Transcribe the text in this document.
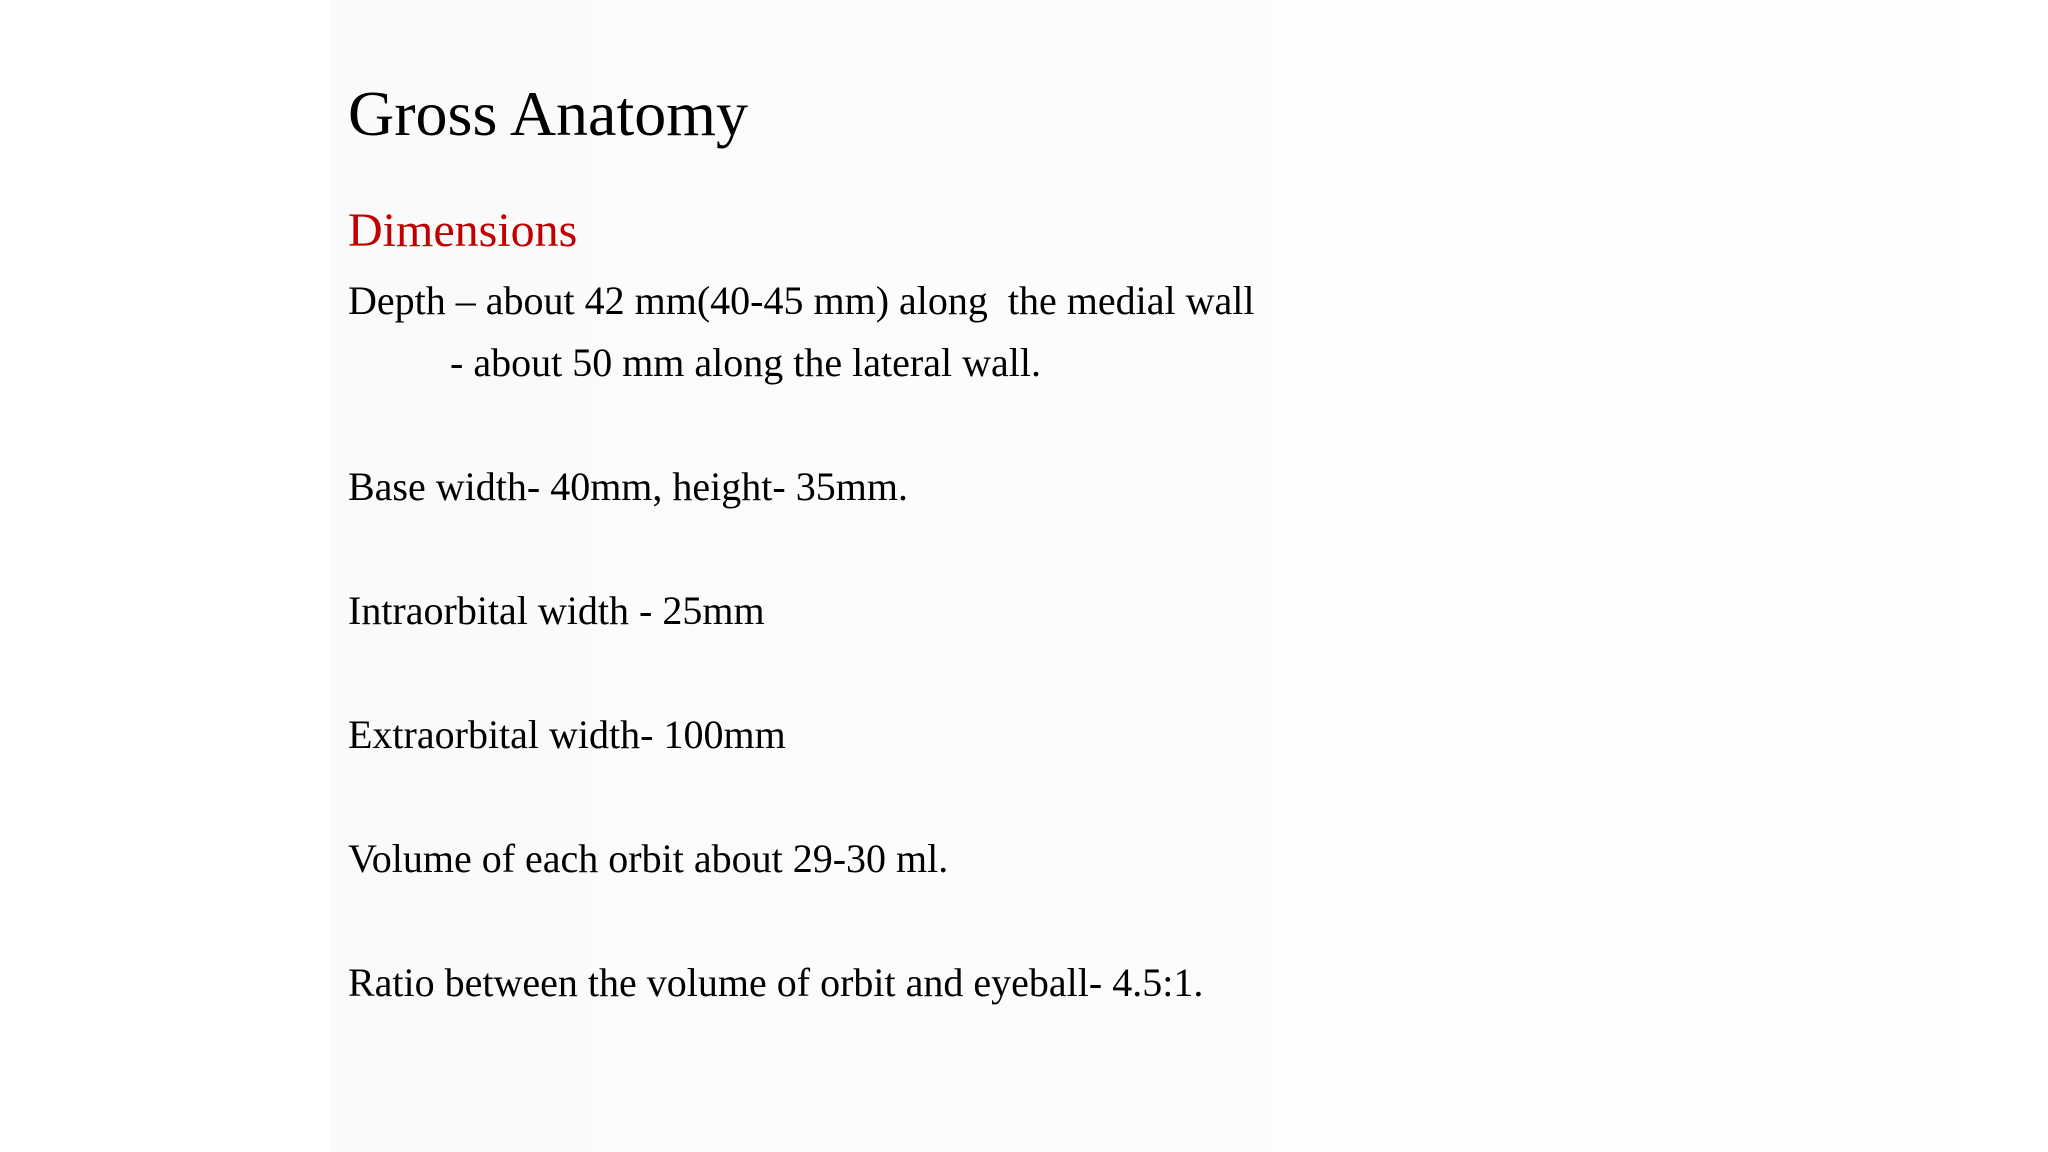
Gross Anatomy
Dimensions
Depth – about 42 mm(40-45 mm) along  the medial wall
- about 50 mm along the lateral wall.
Base width- 40mm, height- 35mm.
Intraorbital width - 25mm
Extraorbital width- 100mm
Volume of each orbit about 29-30 ml.
Ratio between the volume of orbit and eyeball- 4.5:1.
